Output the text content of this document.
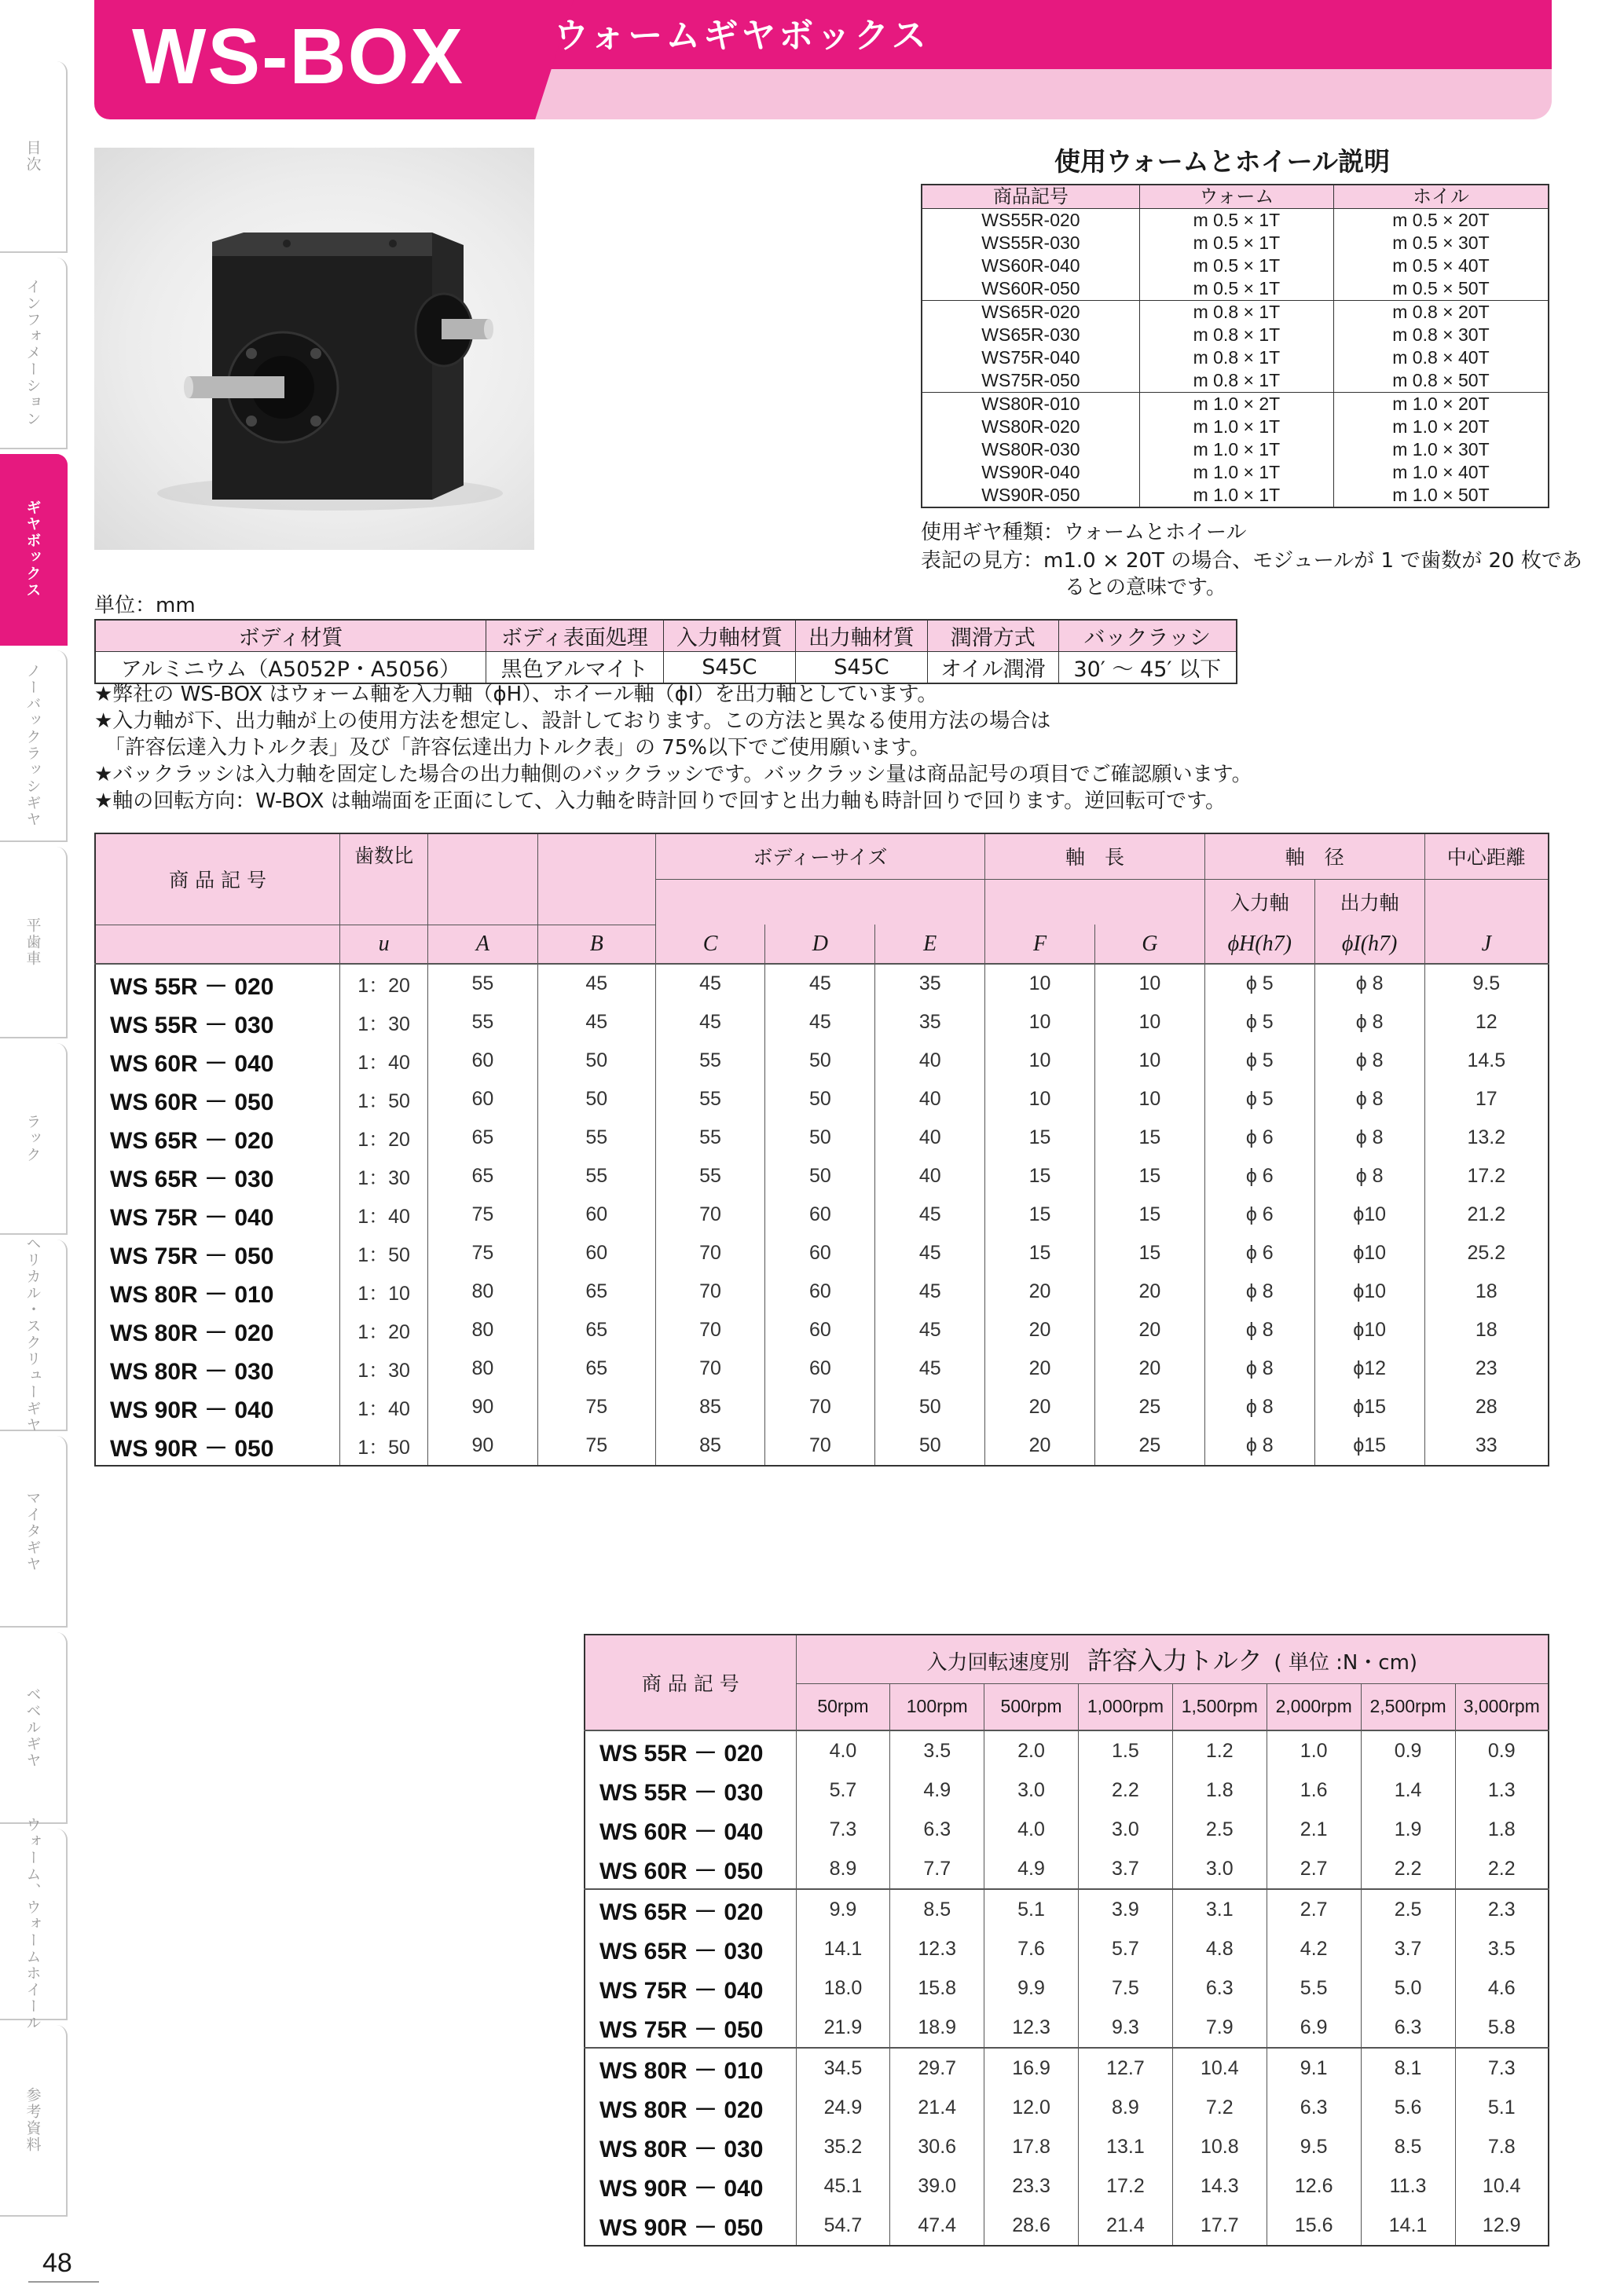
目次
インフォメーション
ギヤボックス
ノーバックラッシギヤ
平歯車
ラック
ヘリカル・スクリューギヤ
マイタギヤ
ベベルギヤ
ウォーム、ウォームホイール
参考資料
WS-BOX	ウォームギヤボックス
使用ウォームとホイール説明
商品記号	ウォーム	ホイル
WS55R-020	m 0.5 × 1T	m 0.5 × 20T
WS55R-030	m 0.5 × 1T	m 0.5 × 30T
WS60R-040	m 0.5 × 1T	m 0.5 × 40T
WS60R-050	m 0.5 × 1T	m 0.5 × 50T
WS65R-020	m 0.8 × 1T	m 0.8 × 20T
WS65R-030	m 0.8 × 1T	m 0.8 × 30T
WS75R-040	m 0.8 × 1T	m 0.8 × 40T
WS75R-050	m 0.8 × 1T	m 0.8 × 50T
WS80R-010	m 1.0 × 2T	m 1.0 × 20T
WS80R-020	m 1.0 × 1T	m 1.0 × 20T
WS80R-030	m 1.0 × 1T	m 1.0 × 30T
WS90R-040	m 1.0 × 1T	m 1.0 × 40T
WS90R-050	m 1.0 × 1T	m 1.0 × 50T
使用ギヤ種類：ウォームとホイール
表記の見方：m1.0 × 20T の場合、モジュールが 1 で歯数が 20 枚であ
るとの意味です。
単位：mm
ボディ材質	ボディ表面処理	入力軸材質	出力軸材質	潤滑方式	バックラッシ
アルミニウム（A5052P・A5056）	黒色アルマイト	S45C	S45C	オイル潤滑	30′ ～ 45′ 以下
★弊社の WS-BOX はウォーム軸を入力軸（ϕH）、ホイール軸（ϕI）を出力軸としています。
★入力軸が下、出力軸が上の使用方法を想定し、設計しております。この方法と異なる使用方法の場合は
　「許容伝達入力トルク表」及び「許容伝達出力トルク表」の 75%以下でご使用願います。
★バックラッシは入力軸を固定した場合の出力軸側のバックラッシです。バックラッシ量は商品記号の項目でご確認願います。
★軸の回転方向：W-BOX は軸端面を正面にして、入力軸を時計回りで回すと出力軸も時計回りで回ります。逆回転可です。
商 品 記 号	歯数比			ボディーサイズ			軸　長		軸　径		中心距離
									入力軸	出力軸	
	u	A	B	C	D	E	F	G	ϕH(h7)	ϕI(h7)	J
WS 55R － 020	1：20	55	45	45	45	35	10	10	ϕ 5	ϕ 8	9.5
WS 55R － 030	1：30	55	45	45	45	35	10	10	ϕ 5	ϕ 8	12
WS 60R － 040	1：40	60	50	55	50	40	10	10	ϕ 5	ϕ 8	14.5
WS 60R － 050	1：50	60	50	55	50	40	10	10	ϕ 5	ϕ 8	17
WS 65R － 020	1：20	65	55	55	50	40	15	15	ϕ 6	ϕ 8	13.2
WS 65R － 030	1：30	65	55	55	50	40	15	15	ϕ 6	ϕ 8	17.2
WS 75R － 040	1：40	75	60	70	60	45	15	15	ϕ 6	ϕ10	21.2
WS 75R － 050	1：50	75	60	70	60	45	15	15	ϕ 6	ϕ10	25.2
WS 80R － 010	1：10	80	65	70	60	45	20	20	ϕ 8	ϕ10	18
WS 80R － 020	1：20	80	65	70	60	45	20	20	ϕ 8	ϕ10	18
WS 80R － 030	1：30	80	65	70	60	45	20	20	ϕ 8	ϕ12	23
WS 90R － 040	1：40	90	75	85	70	50	20	25	ϕ 8	ϕ15	28
WS 90R － 050	1：50	90	75	85	70	50	20	25	ϕ 8	ϕ15	33
商 品 記 号	入力回転速度別 許容入力トルク ( 単位 :N・cm)							
	50rpm	100rpm	500rpm	1,000rpm	1,500rpm	2,000rpm	2,500rpm	3,000rpm
WS 55R － 020	4.0	3.5	2.0	1.5	1.2	1.0	0.9	0.9
WS 55R － 030	5.7	4.9	3.0	2.2	1.8	1.6	1.4	1.3
WS 60R － 040	7.3	6.3	4.0	3.0	2.5	2.1	1.9	1.8
WS 60R － 050	8.9	7.7	4.9	3.7	3.0	2.7	2.2	2.2
WS 65R － 020	9.9	8.5	5.1	3.9	3.1	2.7	2.5	2.3
WS 65R － 030	14.1	12.3	7.6	5.7	4.8	4.2	3.7	3.5
WS 75R － 040	18.0	15.8	9.9	7.5	6.3	5.5	5.0	4.6
WS 75R － 050	21.9	18.9	12.3	9.3	7.9	6.9	6.3	5.8
WS 80R － 010	34.5	29.7	16.9	12.7	10.4	9.1	8.1	7.3
WS 80R － 020	24.9	21.4	12.0	8.9	7.2	6.3	5.6	5.1
WS 80R － 030	35.2	30.6	17.8	13.1	10.8	9.5	8.5	7.8
WS 90R － 040	45.1	39.0	23.3	17.2	14.3	12.6	11.3	10.4
WS 90R － 050	54.7	47.4	28.6	21.4	17.7	15.6	14.1	12.9
48
